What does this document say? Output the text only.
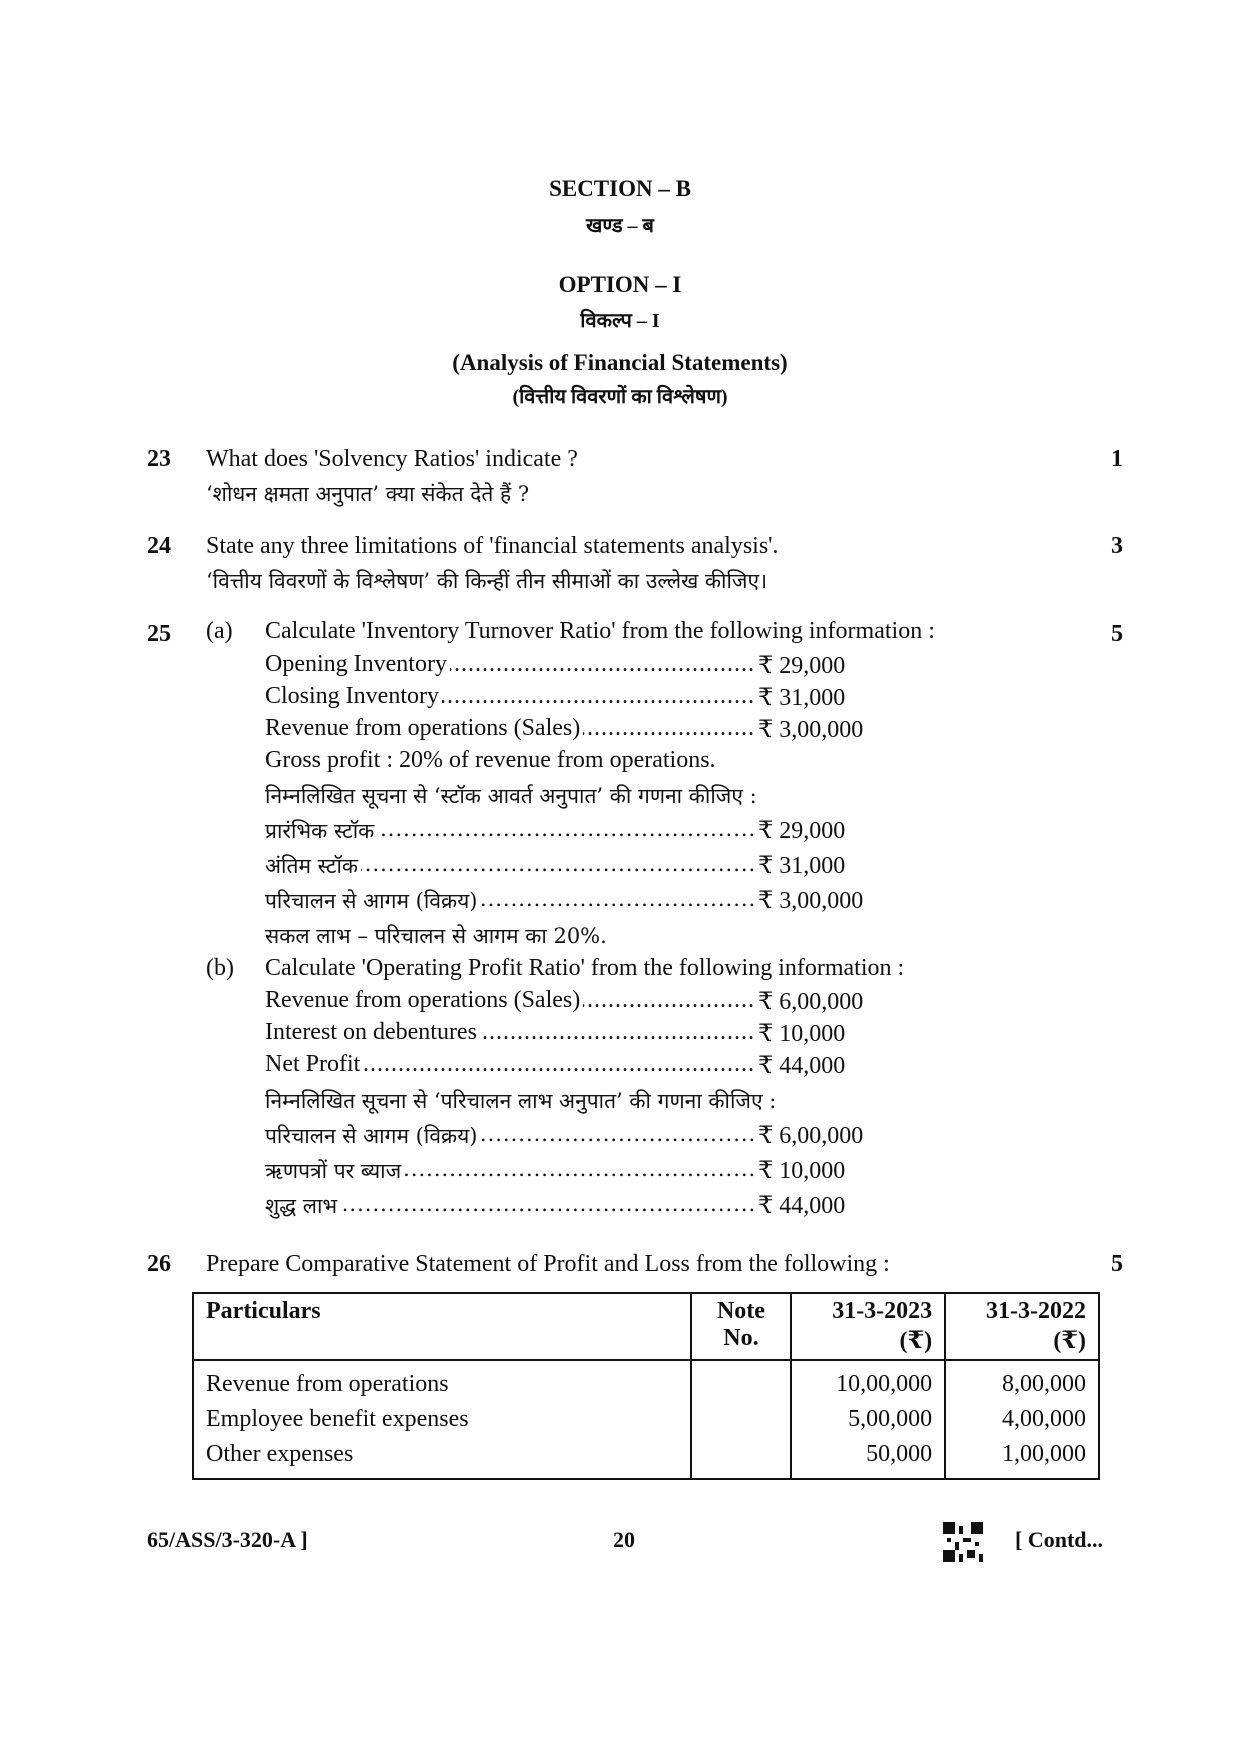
SECTION – B
खण्ड – ब
OPTION – I
विकल्प – I
(Analysis of Financial Statements)
(वित्तीय विवरणों का विश्लेषण)
23 What does 'Solvency Ratios' indicate ?
‘शोधन क्षमता अनुपात’ क्या संकेत देते हैं ?
1
24 State any three limitations of 'financial statements analysis'.
‘वित्तीय विवरणों के विश्लेषण’ की किन्हीं तीन सीमाओं का उल्लेख कीजिए।
3
25 (a) Calculate 'Inventory Turnover Ratio' from the following information :	5
Opening Inventory .....	₹ 29,000
Closing Inventory .....	₹ 31,000
Revenue from operations (Sales) .....	₹ 3,00,000
Gross profit : 20% of revenue from operations.
निम्नलिखित सूचना से ‘स्टॉक आवर्त अनुपात’ की गणना कीजिए :
प्रारंभिक स्टॉक .....	₹ 29,000
अंतिम स्टॉक .....	₹ 31,000
परिचालन से आगम (विक्रय) .....	₹ 3,00,000
सकल लाभ – परिचालन से आगम का 20%.
(b) Calculate 'Operating Profit Ratio' from the following information :
Revenue from operations (Sales) .....	₹ 6,00,000
Interest on debentures .....	₹ 10,000
Net Profit .....	₹ 44,000
निम्नलिखित सूचना से ‘परिचालन लाभ अनुपात’ की गणना कीजिए :
परिचालन से आगम (विक्रय) .....	₹ 6,00,000
ऋणपत्रों पर ब्याज .....	₹ 10,000
शुद्ध लाभ .....	₹ 44,000
26 Prepare Comparative Statement of Profit and Loss from the following :	5
Particulars	Note No.	31-3-2023 (₹)	31-3-2022 (₹)
Revenue from operations		10,00,000	8,00,000
Employee benefit expenses		5,00,000	4,00,000
Other expenses		50,000	1,00,000
65/ASS/3-320-A ]	20	[ Contd...
